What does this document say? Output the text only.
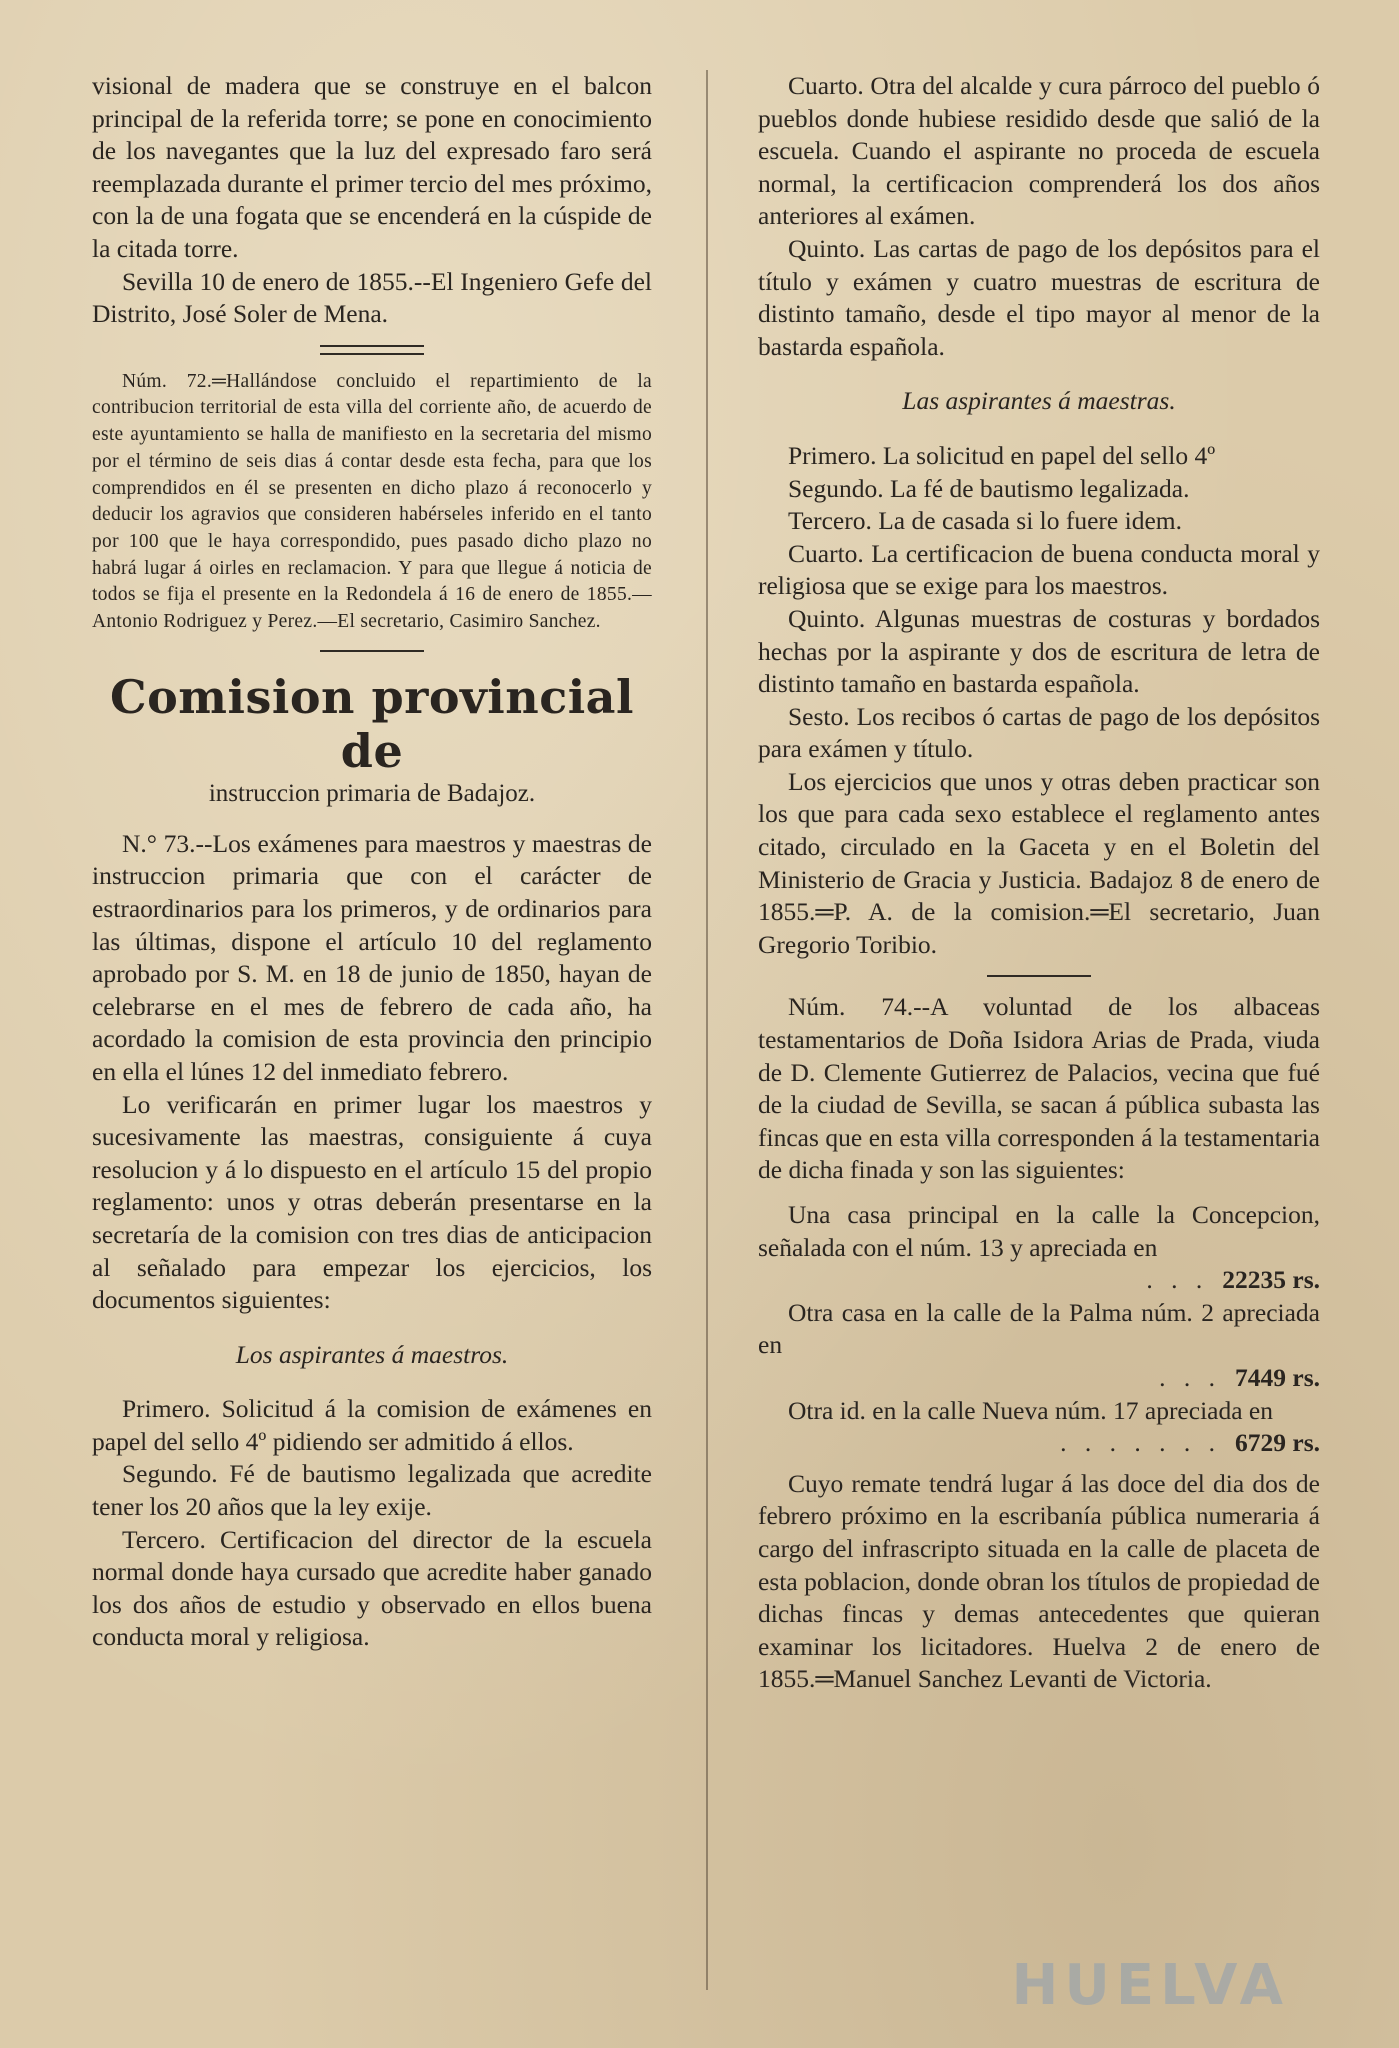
visional de madera que se construye en el balcon principal de la referida torre; se pone en conocimiento de los navegantes que la luz del expresado faro será reemplazada durante el primer tercio del mes próximo, con la de una fogata que se encenderá en la cúspide de la citada torre.

Sevilla 10 de enero de 1855.--El Ingeniero Gefe del Distrito, José Soler de Mena.

Núm. 72.═Hallándose concluido el repartimiento de la contribucion territorial de esta villa del corriente año, de acuerdo de este ayuntamiento se halla de manifiesto en la secretaria del mismo por el término de seis dias á contar desde esta fecha, para que los comprendidos en él se presenten en dicho plazo á reconocerlo y deducir los agravios que consideren habérseles inferido en el tanto por 100 que le haya correspondido, pues pasado dicho plazo no habrá lugar á oirles en reclamacion. Y para que llegue á noticia de todos se fija el presente en la Redondela á 16 de enero de 1855.—Antonio Rodriguez y Perez.—El secretario, Casimiro Sanchez.

Comision provincial de
instruccion primaria de Badajoz.

N.° 73.--Los exámenes para maestros y maestras de instruccion primaria que con el carácter de estraordinarios para los primeros, y de ordinarios para las últimas, dispone el artículo 10 del reglamento aprobado por S. M. en 18 de junio de 1850, hayan de celebrarse en el mes de febrero de cada año, ha acordado la comision de esta provincia den principio en ella el lúnes 12 del inmediato febrero.

Lo verificarán en primer lugar los maestros y sucesivamente las maestras, consiguiente á cuya resolucion y á lo dispuesto en el artículo 15 del propio reglamento: unos y otras deberán presentarse en la secretaría de la comision con tres dias de anticipacion al señalado para empezar los ejercicios, los documentos siguientes:

Los aspirantes á maestros.

Primero. Solicitud á la comision de exámenes en papel del sello 4º pidiendo ser admitido á ellos.

Segundo. Fé de bautismo legalizada que acredite tener los 20 años que la ley exije.

Tercero. Certificacion del director de la escuela normal donde haya cursado que acredite haber ganado los dos años de estudio y observado en ellos buena conducta moral y religiosa.

Cuarto. Otra del alcalde y cura párroco del pueblo ó pueblos donde hubiese residido desde que salió de la escuela. Cuando el aspirante no proceda de escuela normal, la certificacion comprenderá los dos años anteriores al exámen.

Quinto. Las cartas de pago de los depósitos para el título y exámen y cuatro muestras de escritura de distinto tamaño, desde el tipo mayor al menor de la bastarda española.

Las aspirantes á maestras.

Primero. La solicitud en papel del sello 4º

Segundo. La fé de bautismo legalizada.

Tercero. La de casada si lo fuere idem.

Cuarto. La certificacion de buena conducta moral y religiosa que se exige para los maestros.

Quinto. Algunas muestras de costuras y bordados hechas por la aspirante y dos de escritura de letra de distinto tamaño en bastarda española.

Sesto. Los recibos ó cartas de pago de los depósitos para exámen y título.

Los ejercicios que unos y otras deben practicar son los que para cada sexo establece el reglamento antes citado, circulado en la Gaceta y en el Boletin del Ministerio de Gracia y Justicia. Badajoz 8 de enero de 1855.═P. A. de la comision.═El secretario, Juan Gregorio Toribio.

Núm. 74.--A voluntad de los albaceas testamentarios de Doña Isidora Arias de Prada, viuda de D. Clemente Gutierrez de Palacios, vecina que fué de la ciudad de Sevilla, se sacan á pública subasta las fincas que en esta villa corresponden á la testamentaria de dicha finada y son las siguientes:

Una casa principal en la calle la Concepcion, señalada con el núm. 13 y apreciada en
. . . 22235 rs.
Otra casa en la calle de la Palma núm. 2 apreciada en
. . . 7449 rs.
Otra id. en la calle Nueva núm. 17 apreciada en
. . . . . . . 6729 rs.

Cuyo remate tendrá lugar á las doce del dia dos de febrero próximo en la escribanía pública numeraria á cargo del infrascripto situada en la calle de placeta de esta poblacion, donde obran los títulos de propiedad de dichas fincas y demas antecedentes que quieran examinar los licitadores. Huelva 2 de enero de 1855.═Manuel Sanchez Levanti de Victoria.

HUELVA
